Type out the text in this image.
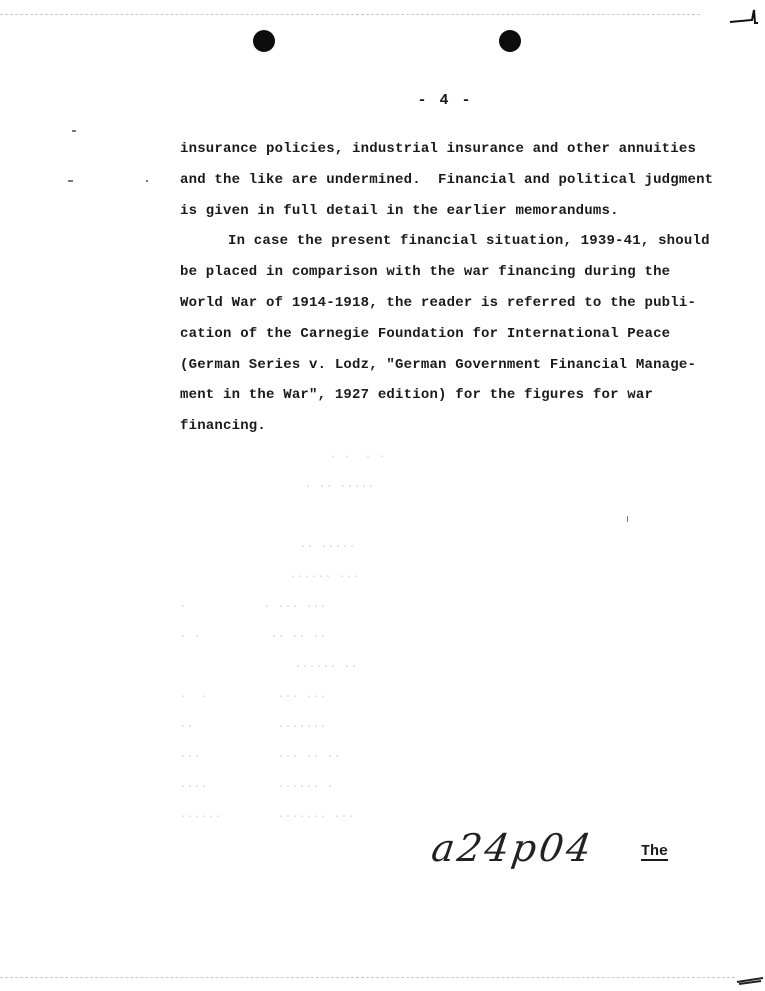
- 4 -
insurance policies, industrial insurance and other annuities
and the like are undermined.  Financial and political judgment
is given in full detail in the earlier memorandums.
In case the present financial situation, 1939-41, should
be placed in comparison with the war financing during the
World War of 1914-1918, the reader is referred to the publi-
cation of the Carnegie Foundation for International Peace
(German Series v. Lodz, "German Government Financial Manage-
ment in the War", 1927 edition) for the figures for war
financing.
· ·  · ·
· ·· ·····
·· ·····
······ ···
·           · ··· ···
· ·          ·· ·· ··
······ ··
·  ·          ··· ···
··            ·······
···           ··· ·· ··
····          ······ ·
······        ······· ···
a24p04	The
